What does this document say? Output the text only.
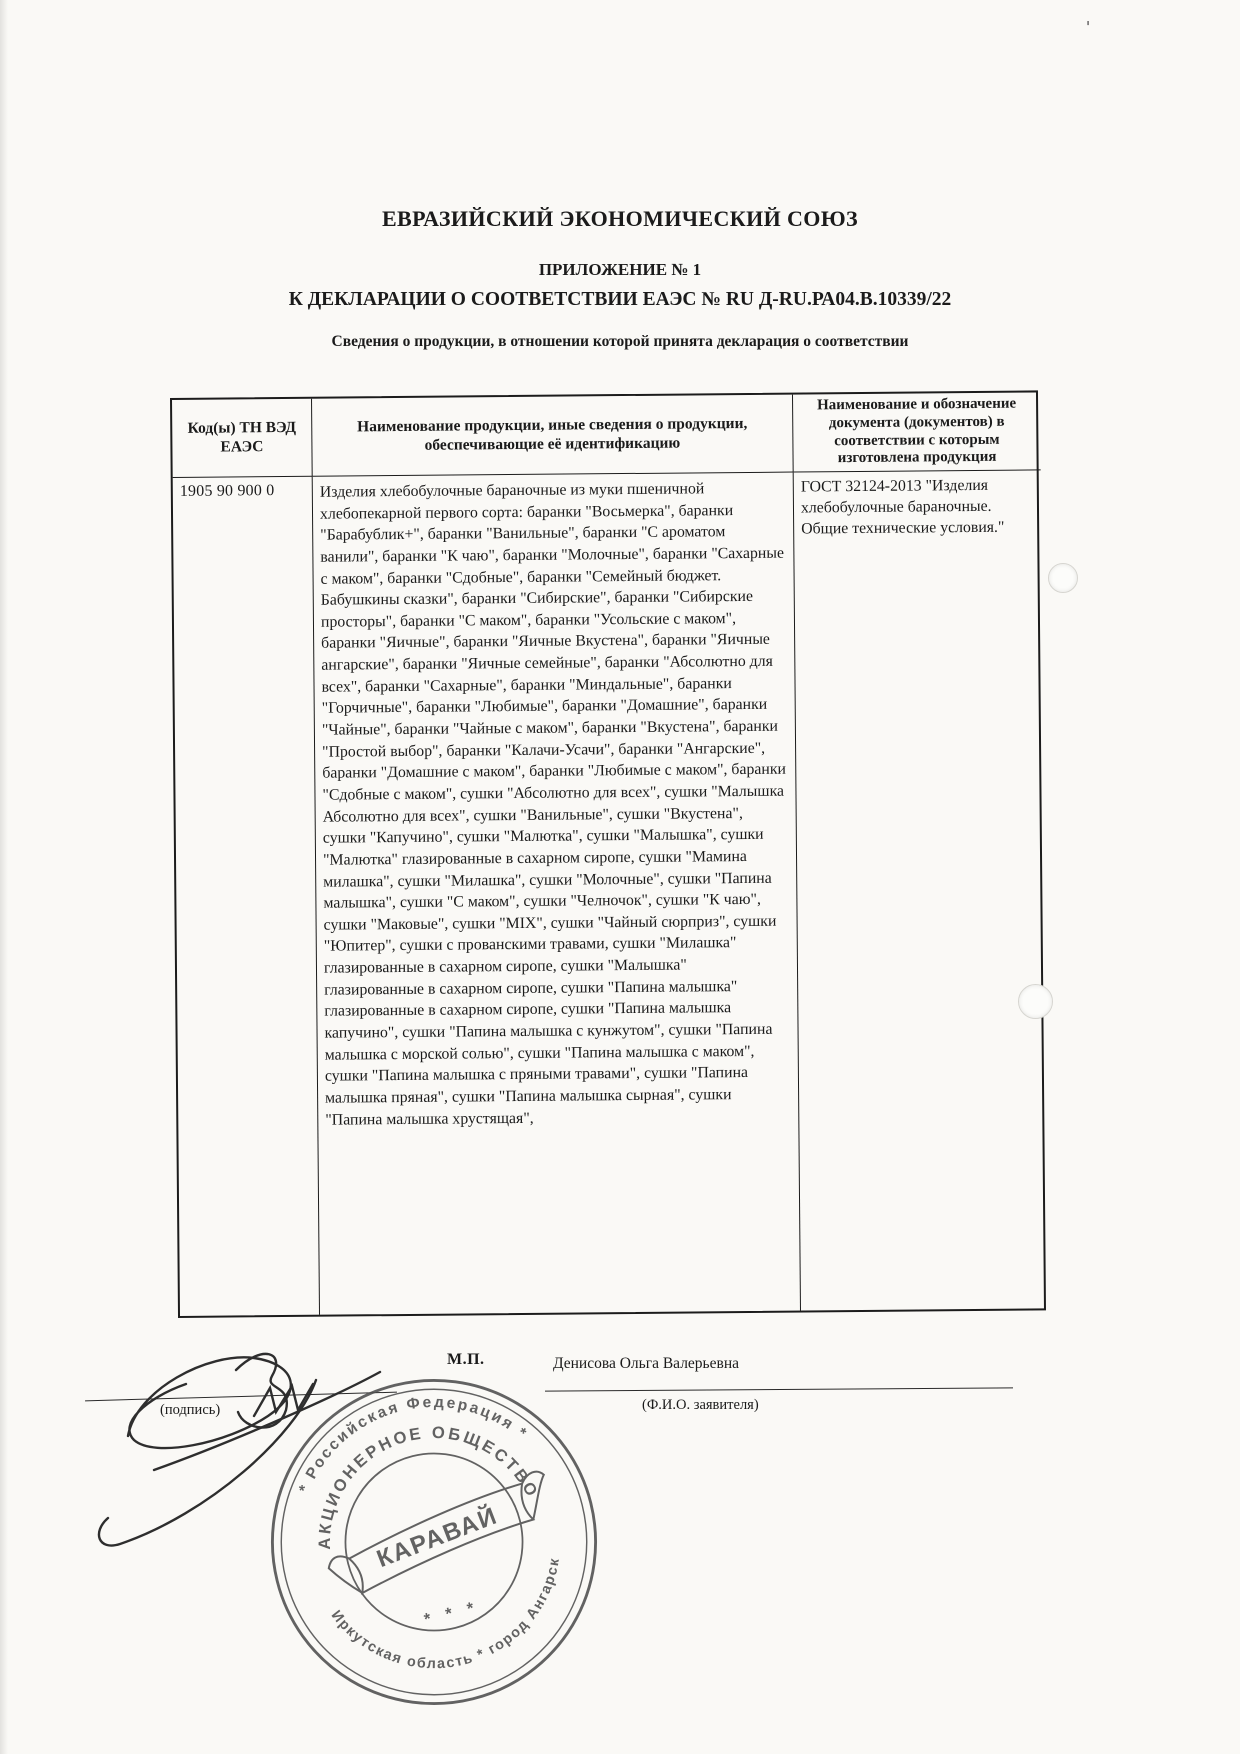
ЕВРАЗИЙСКИЙ ЭКОНОМИЧЕСКИЙ СОЮЗ
ПРИЛОЖЕНИЕ № 1
К ДЕКЛАРАЦИИ О СООТВЕТСТВИИ ЕАЭС № RU Д-RU.РА04.В.10339/22
Сведения о продукции, в отношении которой принята декларация о соответствии
Код(ы) ТН ВЭД ЕАЭС
Наименование продукции, иные сведения о продукции, обеспечивающие её идентификацию
Наименование и обозначение документа (документов) в соответствии с которым изготовлена продукция
1905 90 900 0	Изделия хлебобулочные бараночные из муки пшеничной хлебопекарной первого сорта: баранки "Восьмерка", баранки "Барабублик+", баранки "Ванильные", баранки "С ароматом ванили", баранки "К чаю", баранки "Молочные", баранки "Сахарные с маком", баранки "Сдобные", баранки "Семейный бюджет. Бабушкины сказки", баранки "Сибирские", баранки "Сибирские просторы", баранки "С маком", баранки "Усольские с маком", баранки "Яичные", баранки "Яичные Вкустена", баранки "Яичные ангарские", баранки "Яичные семейные", баранки "Абсолютно для всех", баранки "Сахарные", баранки "Миндальные", баранки "Горчичные", баранки "Любимые", баранки "Домашние", баранки "Чайные", баранки "Чайные с маком", баранки "Вкустена", баранки "Простой выбор", баранки "Калачи-Усачи", баранки "Ангарские", баранки "Домашние с маком", баранки "Любимые с маком", баранки "Сдобные с маком", сушки "Абсолютно для всех", сушки "Малышка Абсолютно для всех", сушки "Ванильные", сушки "Вкустена", сушки "Капучино", сушки "Малютка", сушки "Малышка", сушки "Малютка" глазированные в сахарном сиропе, сушки "Мамина милашка", сушки "Милашка", сушки "Молочные", сушки "Папина малышка", сушки "С маком", сушки "Челночок", сушки "К чаю", сушки "Маковые", сушки "MIX", сушки "Чайный сюрприз", сушки "Юпитер", сушки с прованскими травами, сушки "Милашка" глазированные в сахарном сиропе, сушки "Малышка" глазированные в сахарном сиропе, сушки "Папина малышка" глазированные в сахарном сиропе, сушки "Папина малышка капучино", сушки "Папина малышка с кунжутом", сушки "Папина малышка с морской солью", сушки "Папина малышка с маком", сушки "Папина малышка с пряными травами", сушки "Папина малышка пряная", сушки "Папина малышка сырная", сушки "Папина малышка хрустящая",
ГОСТ 32124-2013 "Изделия хлебобулочные бараночные. Общие технические условия."
(подпись)
М.П.	Денисова Ольга Валерьевна
(Ф.И.О. заявителя)
* Российская Федерация *
Иркутская область * город Ангарск
АКЦИОНЕРНОЕ ОБЩЕСТВО
* * *
КАРАВАЙ
'
